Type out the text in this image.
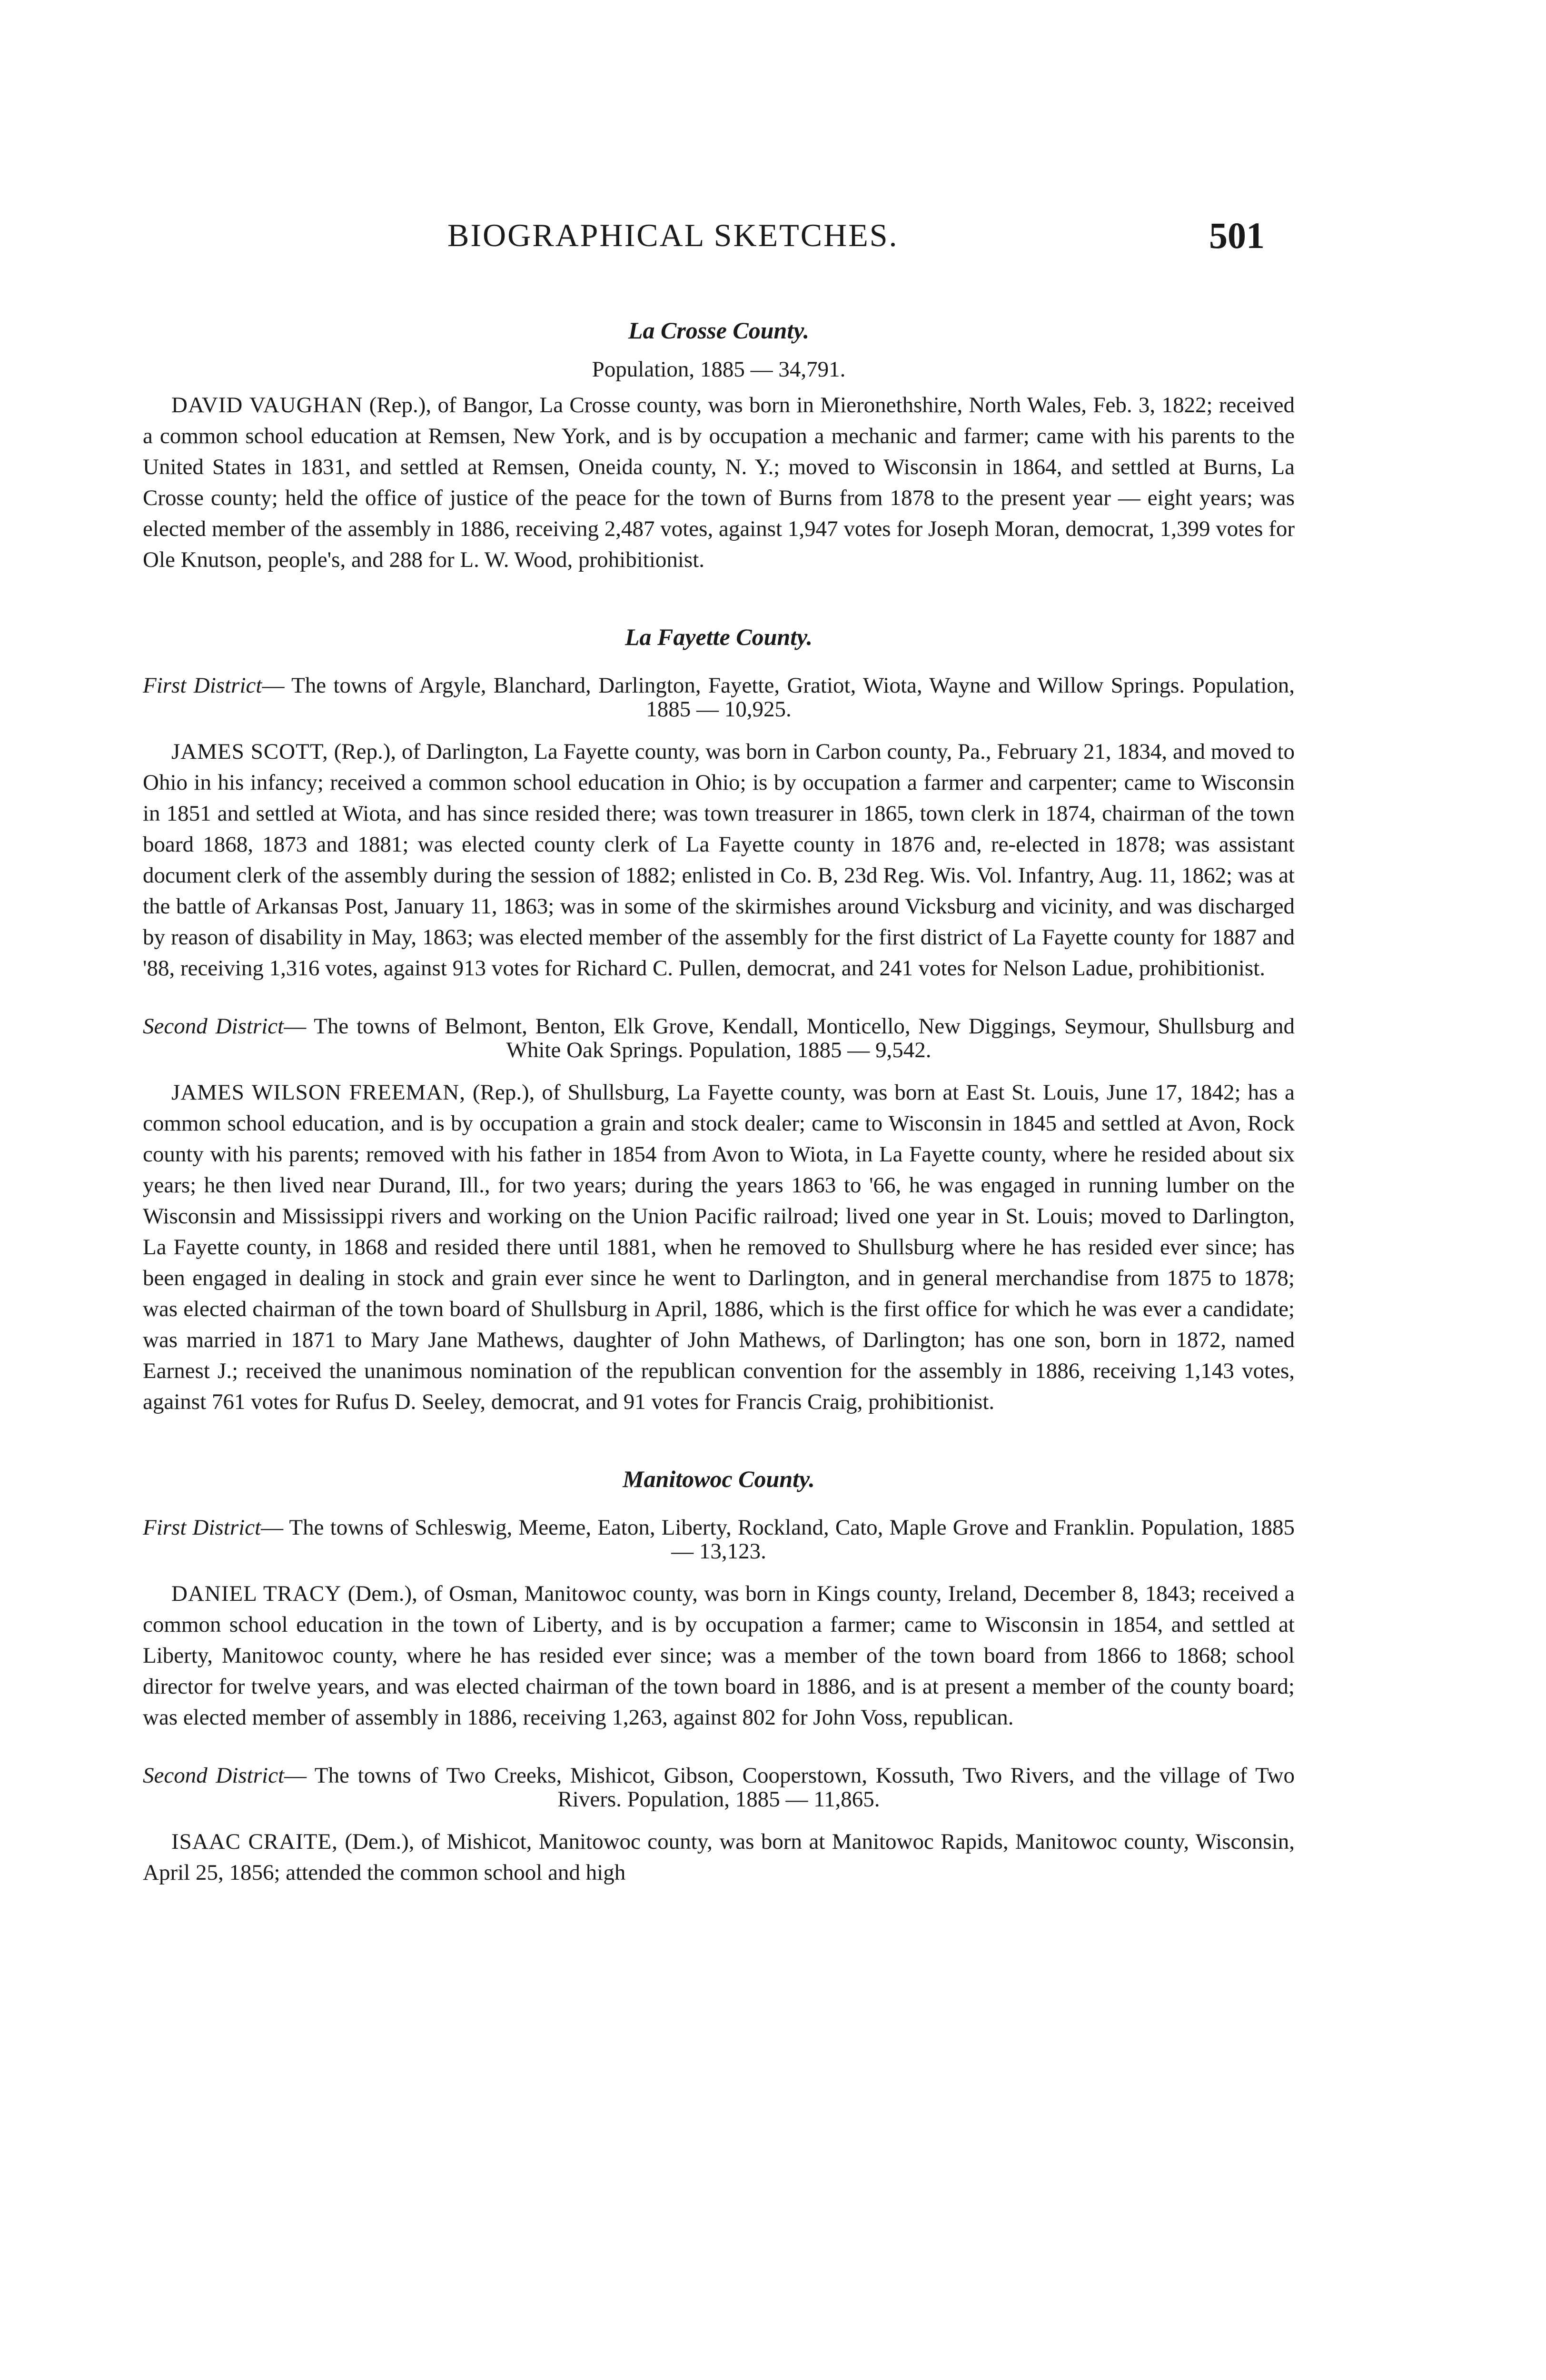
BIOGRAPHICAL SKETCHES.	501
La Crosse County.
Population, 1885 — 34,791.

DAVID VAUGHAN (Rep.), of Bangor, La Crosse county, was born in Mieronethshire, North Wales, Feb. 3, 1822; received a common school education at Remsen, New York, and is by occupation a mechanic and farmer; came with his parents to the United States in 1831, and settled at Remsen, Oneida county, N. Y.; moved to Wisconsin in 1864, and settled at Burns, La Crosse county; held the office of justice of the peace for the town of Burns from 1878 to the present year — eight years; was elected member of the assembly in 1886, receiving 2,487 votes, against 1,947 votes for Joseph Moran, democrat, 1,399 votes for Ole Knutson, people's, and 288 for L. W. Wood, prohibitionist.

La Fayette County.
First District— The towns of Argyle, Blanchard, Darlington, Fayette, Gratiot, Wiota, Wayne and Willow Springs. Population, 1885 — 10,925.

JAMES SCOTT, (Rep.), of Darlington, La Fayette county, was born in Carbon county, Pa., February 21, 1834, and moved to Ohio in his infancy; received a common school education in Ohio; is by occupation a farmer and carpenter; came to Wisconsin in 1851 and settled at Wiota, and has since resided there; was town treasurer in 1865, town clerk in 1874, chairman of the town board 1868, 1873 and 1881; was elected county clerk of La Fayette county in 1876 and, re-elected in 1878; was assistant document clerk of the assembly during the session of 1882; enlisted in Co. B, 23d Reg. Wis. Vol. Infantry, Aug. 11, 1862; was at the battle of Arkansas Post, January 11, 1863; was in some of the skirmishes around Vicksburg and vicinity, and was discharged by reason of disability in May, 1863; was elected member of the assembly for the first district of La Fayette county for 1887 and '88, receiving 1,316 votes, against 913 votes for Richard C. Pullen, democrat, and 241 votes for Nelson Ladue, prohibitionist.

Second District— The towns of Belmont, Benton, Elk Grove, Kendall, Monticello, New Diggings, Seymour, Shullsburg and White Oak Springs. Population, 1885 — 9,542.

JAMES WILSON FREEMAN, (Rep.), of Shullsburg, La Fayette county, was born at East St. Louis, June 17, 1842; has a common school education, and is by occupation a grain and stock dealer; came to Wisconsin in 1845 and settled at Avon, Rock county with his parents; removed with his father in 1854 from Avon to Wiota, in La Fayette county, where he resided about six years; he then lived near Durand, Ill., for two years; during the years 1863 to '66, he was engaged in running lumber on the Wisconsin and Mississippi rivers and working on the Union Pacific railroad; lived one year in St. Louis; moved to Darlington, La Fayette county, in 1868 and resided there until 1881, when he removed to Shullsburg where he has resided ever since; has been engaged in dealing in stock and grain ever since he went to Darlington, and in general merchandise from 1875 to 1878; was elected chairman of the town board of Shullsburg in April, 1886, which is the first office for which he was ever a candidate; was married in 1871 to Mary Jane Mathews, daughter of John Mathews, of Darlington; has one son, born in 1872, named Earnest J.; received the unanimous nomination of the republican convention for the assembly in 1886, receiving 1,143 votes, against 761 votes for Rufus D. Seeley, democrat, and 91 votes for Francis Craig, prohibitionist.

Manitowoc County.
First District— The towns of Schleswig, Meeme, Eaton, Liberty, Rockland, Cato, Maple Grove and Franklin. Population, 1885 — 13,123.

DANIEL TRACY (Dem.), of Osman, Manitowoc county, was born in Kings county, Ireland, December 8, 1843; received a common school education in the town of Liberty, and is by occupation a farmer; came to Wisconsin in 1854, and settled at Liberty, Manitowoc county, where he has resided ever since; was a member of the town board from 1866 to 1868; school director for twelve years, and was elected chairman of the town board in 1886, and is at present a member of the county board; was elected member of assembly in 1886, receiving 1,263, against 802 for John Voss, republican.

Second District— The towns of Two Creeks, Mishicot, Gibson, Cooperstown, Kossuth, Two Rivers, and the village of Two Rivers. Population, 1885 — 11,865.

ISAAC CRAITE, (Dem.), of Mishicot, Manitowoc county, was born at Manitowoc Rapids, Manitowoc county, Wisconsin, April 25, 1856; attended the common school and high
